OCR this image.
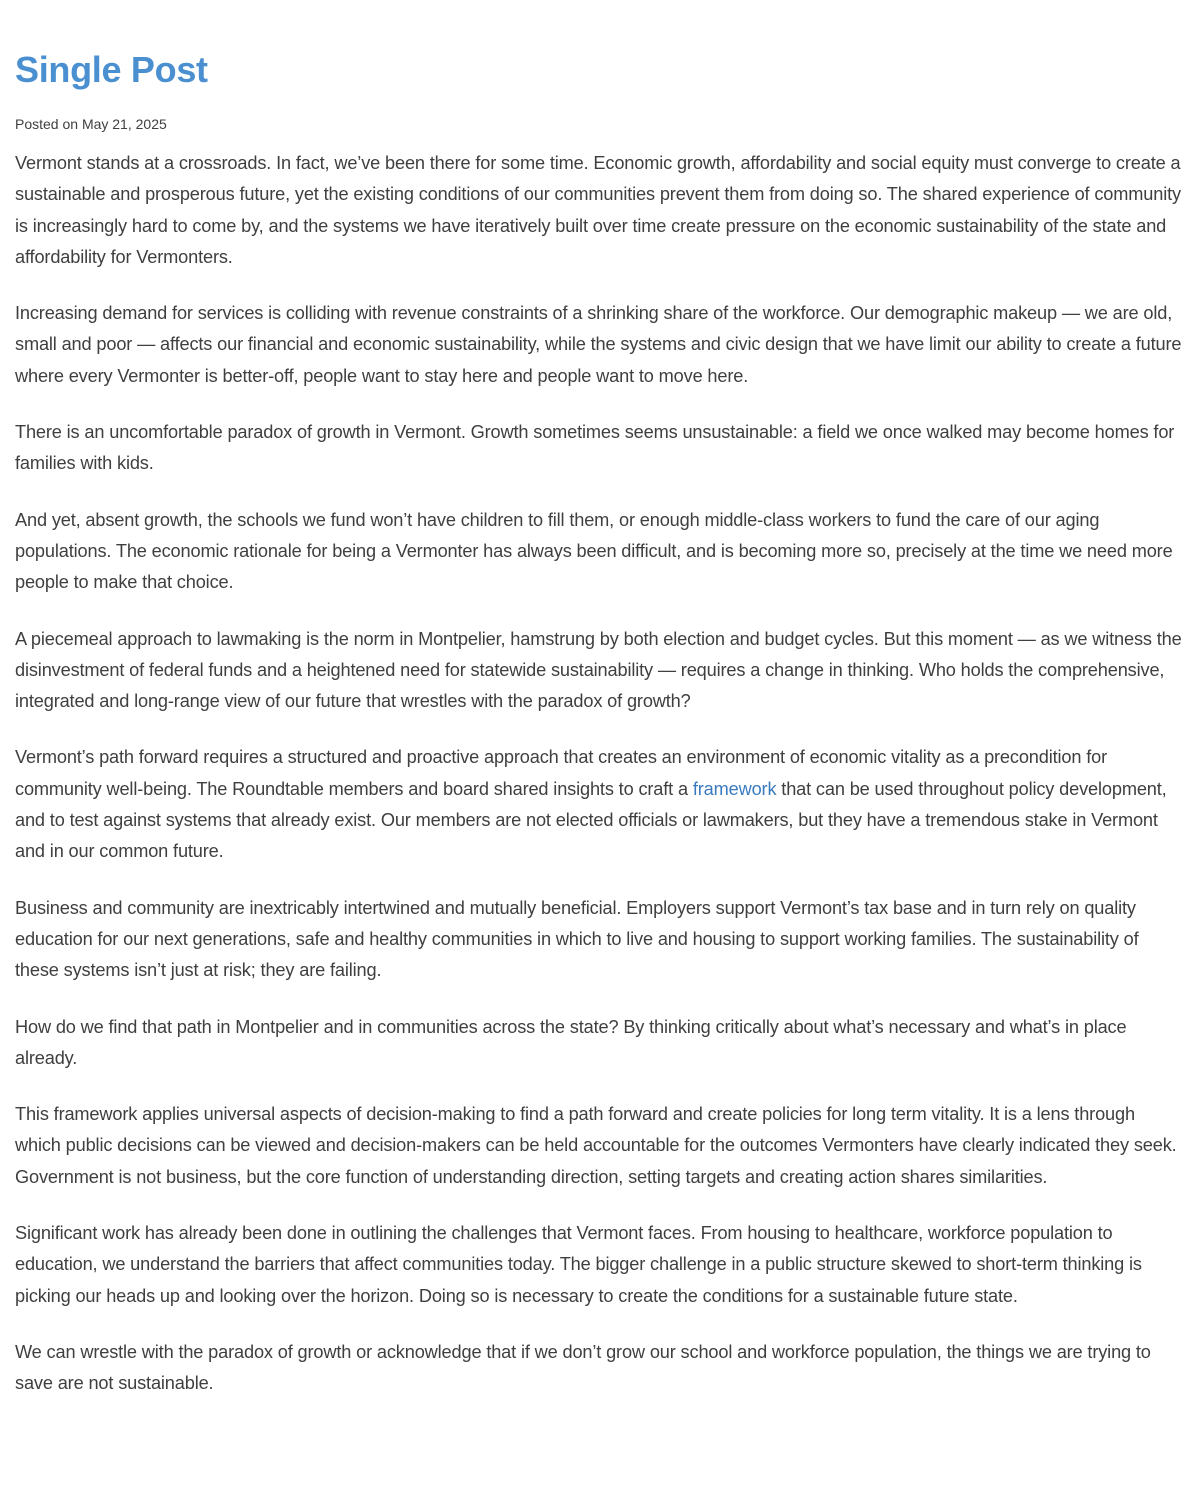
Single Post
Posted on May 21, 2025

Vermont stands at a crossroads. In fact, we’ve been there for some time. Economic growth, affordability and social equity must converge to create a sustainable and prosperous future, yet the existing conditions of our communities prevent them from doing so. The shared experience of community is increasingly hard to come by, and the systems we have iteratively built over time create pressure on the economic sustainability of the state and affordability for Vermonters.

Increasing demand for services is colliding with revenue constraints of a shrinking share of the workforce. Our demographic makeup — we are old, small and poor — affects our financial and economic sustainability, while the systems and civic design that we have limit our ability to create a future where every Vermonter is better-off, people want to stay here and people want to move here.

There is an uncomfortable paradox of growth in Vermont. Growth sometimes seems unsustainable: a field we once walked may become homes for families with kids.

And yet, absent growth, the schools we fund won’t have children to fill them, or enough middle-class workers to fund the care of our aging populations. The economic rationale for being a Vermonter has always been difficult, and is becoming more so, precisely at the time we need more people to make that choice.

A piecemeal approach to lawmaking is the norm in Montpelier, hamstrung by both election and budget cycles. But this moment — as we witness the disinvestment of federal funds and a heightened need for statewide sustainability — requires a change in thinking. Who holds the comprehensive, integrated and long-range view of our future that wrestles with the paradox of growth?

Vermont’s path forward requires a structured and proactive approach that creates an environment of economic vitality as a precondition for community well-being. The Roundtable members and board shared insights to craft a framework that can be used throughout policy development, and to test against systems that already exist. Our members are not elected officials or lawmakers, but they have a tremendous stake in Vermont and in our common future.

Business and community are inextricably intertwined and mutually beneficial. Employers support Vermont’s tax base and in turn rely on quality education for our next generations, safe and healthy communities in which to live and housing to support working families. The sustainability of these systems isn’t just at risk; they are failing.

How do we find that path in Montpelier and in communities across the state? By thinking critically about what’s necessary and what’s in place already.

This framework applies universal aspects of decision-making to find a path forward and create policies for long term vitality. It is a lens through which public decisions can be viewed and decision-makers can be held accountable for the outcomes Vermonters have clearly indicated they seek. Government is not business, but the core function of understanding direction, setting targets and creating action shares similarities.

Significant work has already been done in outlining the challenges that Vermont faces. From housing to healthcare, workforce population to education, we understand the barriers that affect communities today. The bigger challenge in a public structure skewed to short-term thinking is picking our heads up and looking over the horizon. Doing so is necessary to create the conditions for a sustainable future state.

We can wrestle with the paradox of growth or acknowledge that if we don’t grow our school and workforce population, the things we are trying to save are not sustainable.
